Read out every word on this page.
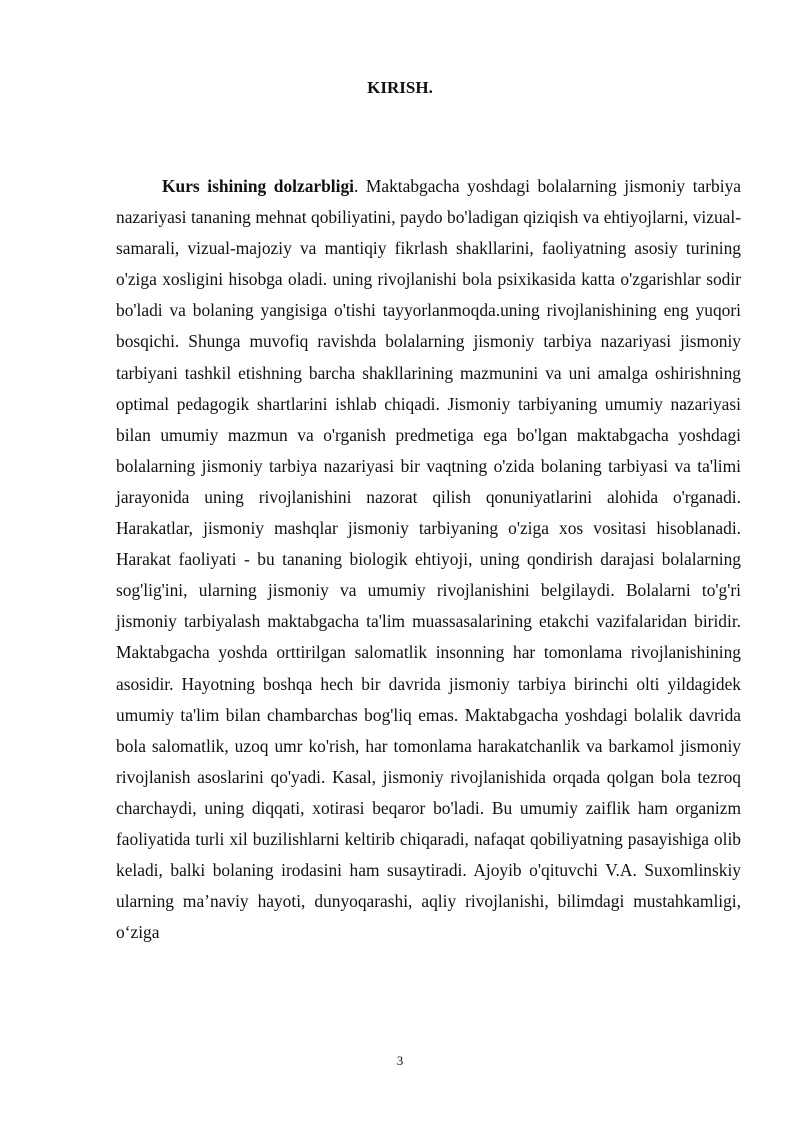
KIRISH.

Kurs ishining dolzarbligi. Maktabgacha yoshdagi bolalarning jismoniy tarbiya nazariyasi tananing mehnat qobiliyatini, paydo bo'ladigan qiziqish va ehtiyojlarni, vizual-samarali, vizual-majoziy va mantiqiy fikrlash shakllarini, faoliyatning asosiy turining o'ziga xosligini hisobga oladi. uning rivojlanishi bola psixikasida katta o'zgarishlar sodir bo'ladi va bolaning yangisiga o'tishi tayyorlanmoqda.uning rivojlanishining eng yuqori bosqichi. Shunga muvofiq ravishda bolalarning jismoniy tarbiya nazariyasi jismoniy tarbiyani tashkil etishning barcha shakllarining mazmunini va uni amalga oshirishning optimal pedagogik shartlarini ishlab chiqadi. Jismoniy tarbiyaning umumiy nazariyasi bilan umumiy mazmun va o'rganish predmetiga ega bo'lgan maktabgacha yoshdagi bolalarning jismoniy tarbiya nazariyasi bir vaqtning o'zida bolaning tarbiyasi va ta'limi jarayonida uning rivojlanishini nazorat qilish qonuniyatlarini alohida o'rganadi. Harakatlar, jismoniy mashqlar jismoniy tarbiyaning o'ziga xos vositasi hisoblanadi. Harakat faoliyati - bu tananing biologik ehtiyoji, uning qondirish darajasi bolalarning sog'lig'ini, ularning jismoniy va umumiy rivojlanishini belgilaydi. Bolalarni to'g'ri jismoniy tarbiyalash maktabgacha ta'lim muassasalarining etakchi vazifalaridan biridir. Maktabgacha yoshda orttirilgan salomatlik insonning har tomonlama rivojlanishining asosidir. Hayotning boshqa hech bir davrida jismoniy tarbiya birinchi olti yildagidek umumiy ta'lim bilan chambarchas bog'liq emas. Maktabgacha yoshdagi bolalik davrida bola salomatlik, uzoq umr ko'rish, har tomonlama harakatchanlik va barkamol jismoniy rivojlanish asoslarini qo'yadi. Kasal, jismoniy rivojlanishida orqada qolgan bola tezroq charchaydi, uning diqqati, xotirasi beqaror bo'ladi. Bu umumiy zaiflik ham organizm faoliyatida turli xil buzilishlarni keltirib chiqaradi, nafaqat qobiliyatning pasayishiga olib keladi, balki bolaning irodasini ham susaytiradi. Ajoyib o'qituvchi V.A. Suxomlinskiy ularning ma’naviy hayoti, dunyoqarashi, aqliy rivojlanishi, bilimdagi mustahkamligi, o‘ziga

3
